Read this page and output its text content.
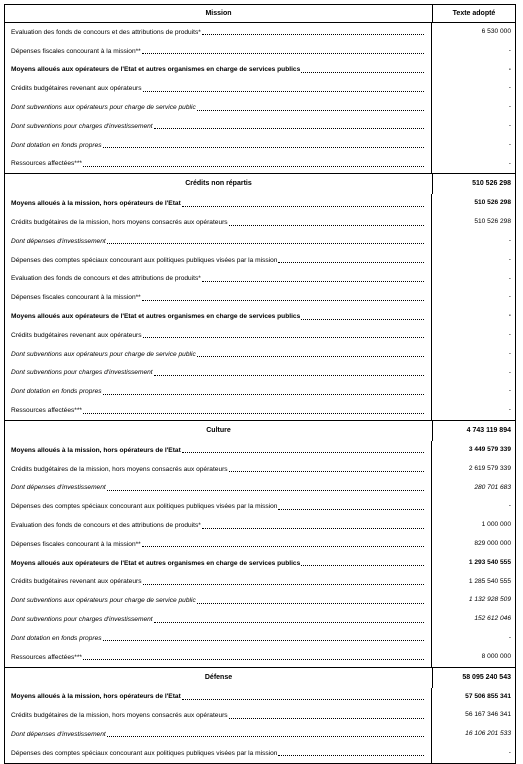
Mission	Texte adopté
Evaluation des fonds de concours et des attributions de produits*	6 530 000
Dépenses fiscales concourant à la mission**	-
Moyens alloués aux opérateurs de l'Etat et autres organismes en charge de services publics	-
Crédits budgétaires revenant aux opérateurs	-
Dont subventions aux opérateurs pour charge de service public	-
Dont subventions pour charges d'investissement	-
Dont dotation en fonds propres	-
Ressources affectées***	-
Crédits non répartis	510 526 298
Moyens alloués à la mission, hors opérateurs de l'Etat	510 526 298
Crédits budgétaires de la mission, hors moyens consacrés aux opérateurs	510 526 298
Dont dépenses d'investissement	-
Dépenses des comptes spéciaux concourant aux politiques publiques visées par la mission	-
Evaluation des fonds de concours et des attributions de produits*	-
Dépenses fiscales concourant à la mission**	-
Moyens alloués aux opérateurs de l'Etat et autres organismes en charge de services publics	-
Crédits budgétaires revenant aux opérateurs	-
Dont subventions aux opérateurs pour charge de service public	-
Dont subventions pour charges d'investissement	-
Dont dotation en fonds propres	-
Ressources affectées***	-
Culture	4 743 119 894
Moyens alloués à la mission, hors opérateurs de l'Etat	3 449 579 339
Crédits budgétaires de la mission, hors moyens consacrés aux opérateurs	2 619 579 339
Dont dépenses d'investissement	280 701 683
Dépenses des comptes spéciaux concourant aux politiques publiques visées par la mission	-
Evaluation des fonds de concours et des attributions de produits*	1 000 000
Dépenses fiscales concourant à la mission**	829 000 000
Moyens alloués aux opérateurs de l'Etat et autres organismes en charge de services publics	1 293 540 555
Crédits budgétaires revenant aux opérateurs	1 285 540 555
Dont subventions aux opérateurs pour charge de service public	1 132 928 509
Dont subventions pour charges d'investissement	152 612 046
Dont dotation en fonds propres	-
Ressources affectées***	8 000 000
Défense	58 095 240 543
Moyens alloués à la mission, hors opérateurs de l'Etat	57 506 855 341
Crédits budgétaires de la mission, hors moyens consacrés aux opérateurs	56 167 346 341
Dont dépenses d'investissement	16 106 201 533
Dépenses des comptes spéciaux concourant aux politiques publiques visées par la mission	-
